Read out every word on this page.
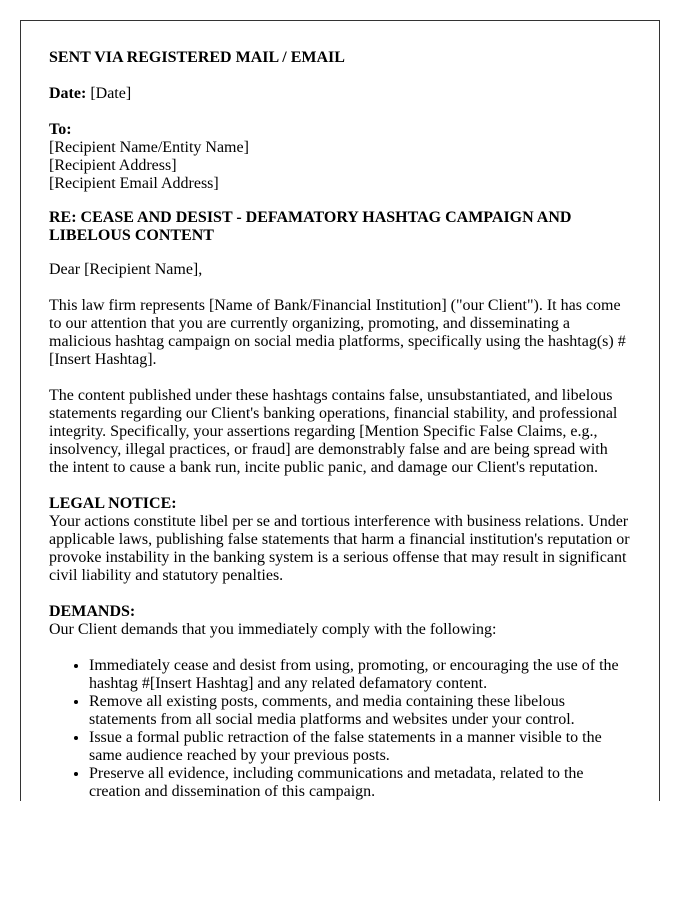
SENT VIA REGISTERED MAIL / EMAIL

Date: [Date]

To:
[Recipient Name/Entity Name]
[Recipient Address]
[Recipient Email Address]

RE: CEASE AND DESIST - DEFAMATORY HASHTAG CAMPAIGN AND LIBELOUS CONTENT

Dear [Recipient Name],

This law firm represents [Name of Bank/Financial Institution] ("our Client"). It has come to our attention that you are currently organizing, promoting, and disseminating a malicious hashtag campaign on social media platforms, specifically using the hashtag(s) #[Insert Hashtag].

The content published under these hashtags contains false, unsubstantiated, and libelous statements regarding our Client's banking operations, financial stability, and professional integrity. Specifically, your assertions regarding [Mention Specific False Claims, e.g., insolvency, illegal practices, or fraud] are demonstrably false and are being spread with the intent to cause a bank run, incite public panic, and damage our Client's reputation.

LEGAL NOTICE:

Your actions constitute libel per se and tortious interference with business relations. Under applicable laws, publishing false statements that harm a financial institution's reputation or provoke instability in the banking system is a serious offense that may result in significant civil liability and statutory penalties.

DEMANDS:

Our Client demands that you immediately comply with the following:

• Immediately cease and desist from using, promoting, or encouraging the use of the hashtag #[Insert Hashtag] and any related defamatory content.
• Remove all existing posts, comments, and media containing these libelous statements from all social media platforms and websites under your control.
• Issue a formal public retraction of the false statements in a manner visible to the same audience reached by your previous posts.
• Preserve all evidence, including communications and metadata, related to the creation and dissemination of this campaign.
